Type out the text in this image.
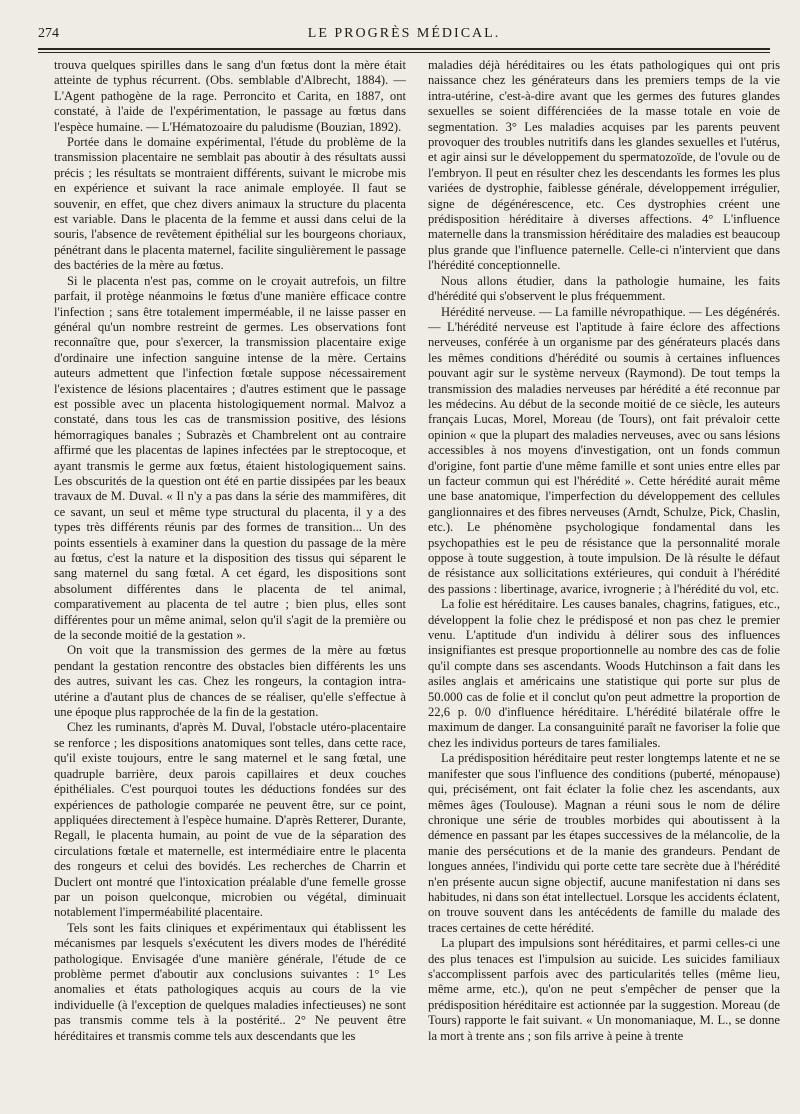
274	LE PROGRÈS MÉDICAL.

trouva quelques spirilles dans le sang d'un fœtus dont la mère était atteinte de typhus récurrent. (Obs. semblable d'Albrecht, 1884). — L'Agent pathogène de la rage. Perroncito et Carita, en 1887, ont constaté, à l'aide de l'expérimentation, le passage au fœtus dans l'espèce humaine. — L'Hématozoaire du paludisme (Bouzian, 1892).

Portée dans le domaine expérimental, l'étude du problème de la transmission placentaire ne semblait pas aboutir à des résultats aussi précis ; les résultats se montraient différents, suivant le microbe mis en expérience et suivant la race animale employée. Il faut se souvenir, en effet, que chez divers animaux la structure du placenta est variable. Dans le placenta de la femme et aussi dans celui de la souris, l'absence de revêtement épithélial sur les bourgeons choriaux, pénétrant dans le placenta maternel, facilite singulièrement le passage des bactéries de la mère au fœtus.

Si le placenta n'est pas, comme on le croyait autrefois, un filtre parfait, il protège néanmoins le fœtus d'une manière efficace contre l'infection ; sans être totalement imperméable, il ne laisse passer en général qu'un nombre restreint de germes. Les observations font reconnaître que, pour s'exercer, la transmission placentaire exige d'ordinaire une infection sanguine intense de la mère. Certains auteurs admettent que l'infection fœtale suppose nécessairement l'existence de lésions placentaires ; d'autres estiment que le passage est possible avec un placenta histologiquement normal. Malvoz a constaté, dans tous les cas de transmission positive, des lésions hémorragiques banales ; Subrazès et Chambrelent ont au contraire affirmé que les placentas de lapines infectées par le streptocoque, et ayant transmis le germe aux fœtus, étaient histologiquement sains. Les obscurités de la question ont été en partie dissipées par les beaux travaux de M. Duval. « Il n'y a pas dans la série des mammifères, dit ce savant, un seul et même type structural du placenta, il y a des types très différents réunis par des formes de transition... Un des points essentiels à examiner dans la question du passage de la mère au fœtus, c'est la nature et la disposition des tissus qui séparent le sang maternel du sang fœtal. A cet égard, les dispositions sont absolument différentes dans le placenta de tel animal, comparativement au placenta de tel autre ; bien plus, elles sont différentes pour un même animal, selon qu'il s'agit de la première ou de la seconde moitié de la gestation ».

On voit que la transmission des germes de la mère au fœtus pendant la gestation rencontre des obstacles bien différents les uns des autres, suivant les cas. Chez les rongeurs, la contagion intra-utérine a d'autant plus de chances de se réaliser, qu'elle s'effectue à une époque plus rapprochée de la fin de la gestation.

Chez les ruminants, d'après M. Duval, l'obstacle utéro-placentaire se renforce ; les dispositions anatomiques sont telles, dans cette race, qu'il existe toujours, entre le sang maternel et le sang fœtal, une quadruple barrière, deux parois capillaires et deux couches épithéliales. C'est pourquoi toutes les déductions fondées sur des expériences de pathologie comparée ne peuvent être, sur ce point, appliquées directement à l'espèce humaine. D'après Retterer, Durante, Regall, le placenta humain, au point de vue de la séparation des circulations fœtale et maternelle, est intermédiaire entre le placenta des rongeurs et celui des bovidés. Les recherches de Charrin et Duclert ont montré que l'intoxication préalable d'une femelle grosse par un poison quelconque, microbien ou végétal, diminuait notablement l'imperméabilité placentaire.

Tels sont les faits cliniques et expérimentaux qui établissent les mécanismes par lesquels s'exécutent les divers modes de l'hérédité pathologique. Envisagée d'une manière générale, l'étude de ce problème permet d'aboutir aux conclusions suivantes : 1° Les anomalies et états pathologiques acquis au cours de la vie individuelle (à l'exception de quelques maladies infectieuses) ne sont pas transmis comme tels à la postérité.. 2° Ne peuvent être héréditaires et transmis comme tels aux descendants que les

maladies déjà héréditaires ou les états pathologiques qui ont pris naissance chez les générateurs dans les premiers temps de la vie intra-utérine, c'est-à-dire avant que les germes des futures glandes sexuelles se soient différenciées de la masse totale en voie de segmentation. 3° Les maladies acquises par les parents peuvent provoquer des troubles nutritifs dans les glandes sexuelles et l'utérus, et agir ainsi sur le développement du spermatozoïde, de l'ovule ou de l'embryon. Il peut en résulter chez les descendants les formes les plus variées de dystrophie, faiblesse générale, développement irrégulier, signe de dégénérescence, etc. Ces dystrophies créent une prédisposition héréditaire à diverses affections. 4° L'influence maternelle dans la transmission héréditaire des maladies est beaucoup plus grande que l'influence paternelle. Celle-ci n'intervient que dans l'hérédité conceptionnelle.

Nous allons étudier, dans la pathologie humaine, les faits d'hérédité qui s'observent le plus fréquemment.

Hérédité nerveuse. — La famille névropathique. — Les dégénérés. — L'hérédité nerveuse est l'aptitude à faire éclore des affections nerveuses, conférée à un organisme par des générateurs placés dans les mêmes conditions d'hérédité ou soumis à certaines influences pouvant agir sur le système nerveux (Raymond). De tout temps la transmission des maladies nerveuses par hérédité a été reconnue par les médecins. Au début de la seconde moitié de ce siècle, les auteurs français Lucas, Morel, Moreau (de Tours), ont fait prévaloir cette opinion « que la plupart des maladies nerveuses, avec ou sans lésions accessibles à nos moyens d'investigation, ont un fonds commun d'origine, font partie d'une même famille et sont unies entre elles par un facteur commun qui est l'hérédité ». Cette hérédité aurait même une base anatomique, l'imperfection du développement des cellules ganglionnaires et des fibres nerveuses (Arndt, Schulze, Pick, Chaslin, etc.). Le phénomène psychologique fondamental dans les psychopathies est le peu de résistance que la personnalité morale oppose à toute suggestion, à toute impulsion. De là résulte le défaut de résistance aux sollicitations extérieures, qui conduit à l'hérédité des passions : libertinage, avarice, ivrognerie ; à l'hérédité du vol, etc.

La folie est héréditaire. Les causes banales, chagrins, fatigues, etc., développent la folie chez le prédisposé et non pas chez le premier venu. L'aptitude d'un individu à délirer sous des influences insignifiantes est presque proportionnelle au nombre des cas de folie qu'il compte dans ses ascendants. Woods Hutchinson a fait dans les asiles anglais et américains une statistique qui porte sur plus de 50.000 cas de folie et il conclut qu'on peut admettre la proportion de 22,6 p. 0/0 d'influence héréditaire. L'hérédité bilatérale offre le maximum de danger. La consanguinité paraît ne favoriser la folie que chez les individus porteurs de tares familiales.

La prédisposition héréditaire peut rester longtemps latente et ne se manifester que sous l'influence des conditions (puberté, ménopause) qui, précisément, ont fait éclater la folie chez les ascendants, aux mêmes âges (Toulouse). Magnan a réuni sous le nom de délire chronique une série de troubles morbides qui aboutissent à la démence en passant par les étapes successives de la mélancolie, de la manie des persécutions et de la manie des grandeurs. Pendant de longues années, l'individu qui porte cette tare secrète due à l'hérédité n'en présente aucun signe objectif, aucune manifestation ni dans ses habitudes, ni dans son état intellectuel. Lorsque les accidents éclatent, on trouve souvent dans les antécédents de famille du malade des traces certaines de cette hérédité.

La plupart des impulsions sont héréditaires, et parmi celles-ci une des plus tenaces est l'impulsion au suicide. Les suicides familiaux s'accomplissent parfois avec des particularités telles (même lieu, même arme, etc.), qu'on ne peut s'empêcher de penser que la prédisposition héréditaire est actionnée par la suggestion. Moreau (de Tours) rapporte le fait suivant. « Un monomaniaque, M. L., se donne la mort à trente ans ; son fils arrive à peine à trente
